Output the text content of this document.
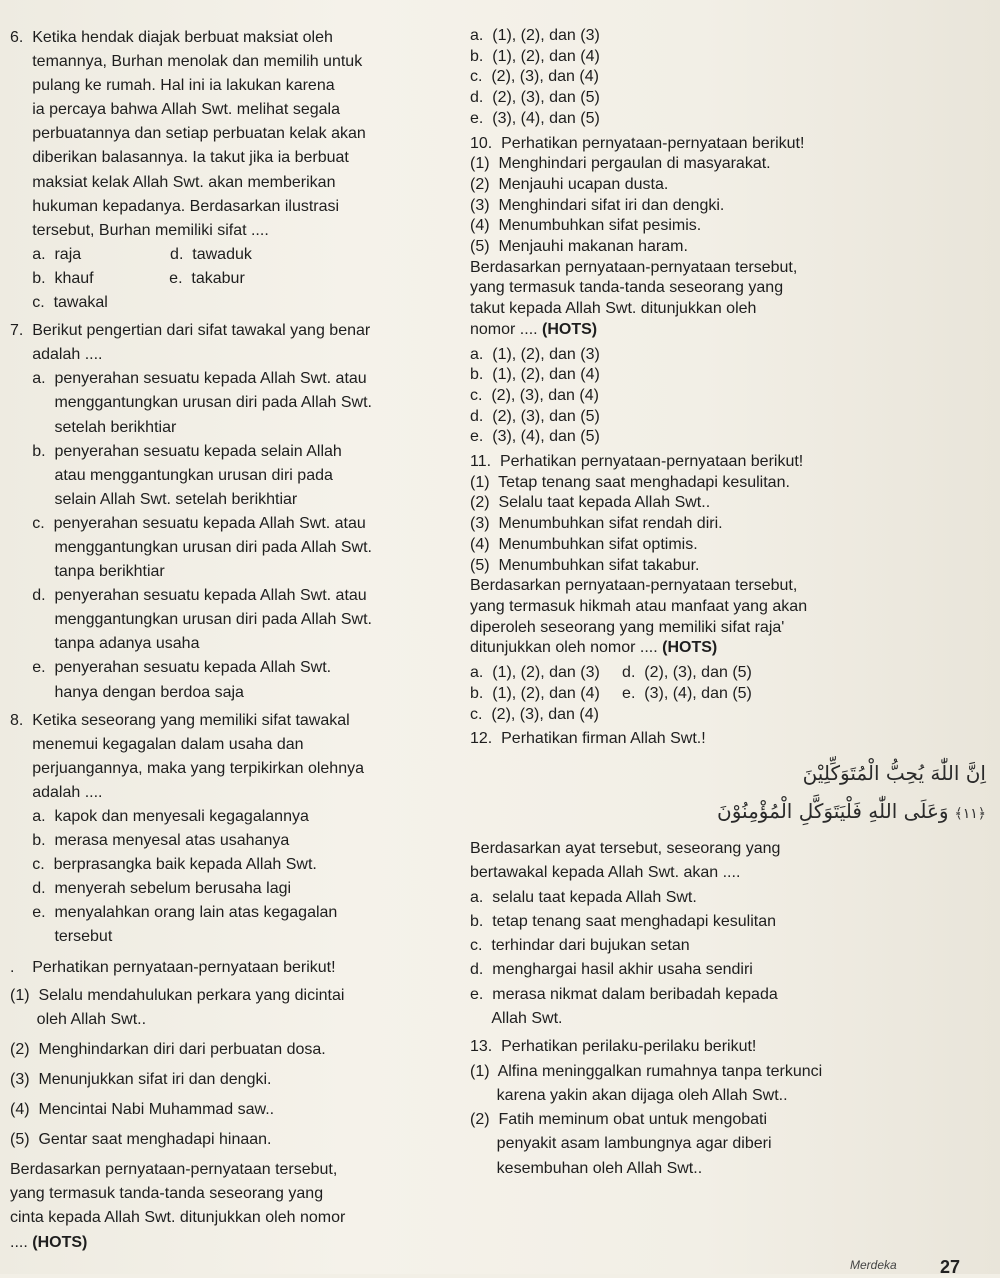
6.  Ketika hendak diajak berbuat maksiat oleh
temannya, Burhan menolak dan memilih untuk
pulang ke rumah. Hal ini ia lakukan karena
ia percaya bahwa Allah Swt. melihat segala
perbuatannya dan setiap perbuatan kelak akan
diberikan balasannya. Ia takut jika ia berbuat
maksiat kelak Allah Swt. akan memberikan
hukuman kepadanya. Berdasarkan ilustrasi
tersebut, Burhan memiliki sifat ....
a.  raja                    d.  tawaduk
b.  khauf                 e.  takabur
c.  tawakal
7.  Berikut pengertian dari sifat tawakal yang benar
adalah ....
a.  penyerahan sesuatu kepada Allah Swt. atau
menggantungkan urusan diri pada Allah Swt.
setelah berikhtiar
b.  penyerahan sesuatu kepada selain Allah
atau menggantungkan urusan diri pada
selain Allah Swt. setelah berikhtiar
c.  penyerahan sesuatu kepada Allah Swt. atau
menggantungkan urusan diri pada Allah Swt.
tanpa berikhtiar
d.  penyerahan sesuatu kepada Allah Swt. atau
menggantungkan urusan diri pada Allah Swt.
tanpa adanya usaha
e.  penyerahan sesuatu kepada Allah Swt.
hanya dengan berdoa saja
8.  Ketika seseorang yang memiliki sifat tawakal
menemui kegagalan dalam usaha dan
perjuangannya, maka yang terpikirkan olehnya
adalah ....
a.  kapok dan menyesali kegagalannya
b.  merasa menyesal atas usahanya
c.  berprasangka baik kepada Allah Swt.
d.  menyerah sebelum berusaha lagi
e.  menyalahkan orang lain atas kegagalan
tersebut
.    Perhatikan pernyataan-pernyataan berikut!
(1)  Selalu mendahulukan perkara yang dicintai
oleh Allah Swt..
(2)  Menghindarkan diri dari perbuatan dosa.
(3)  Menunjukkan sifat iri dan dengki.
(4)  Mencintai Nabi Muhammad saw..
(5)  Gentar saat menghadapi hinaan.
Berdasarkan pernyataan-pernyataan tersebut,
yang termasuk tanda-tanda seseorang yang
cinta kepada Allah Swt. ditunjukkan oleh nomor
.... (HOTS)
a.  (1), (2), dan (3)
b.  (1), (2), dan (4)
c.  (2), (3), dan (4)
d.  (2), (3), dan (5)
e.  (3), (4), dan (5)
10.  Perhatikan pernyataan-pernyataan berikut!
(1)  Menghindari pergaulan di masyarakat.
(2)  Menjauhi ucapan dusta.
(3)  Menghindari sifat iri dan dengki.
(4)  Menumbuhkan sifat pesimis.
(5)  Menjauhi makanan haram.
Berdasarkan pernyataan-pernyataan tersebut,
yang termasuk tanda-tanda seseorang yang
takut kepada Allah Swt. ditunjukkan oleh
nomor .... (HOTS)
a.  (1), (2), dan (3)
b.  (1), (2), dan (4)
c.  (2), (3), dan (4)
d.  (2), (3), dan (5)
e.  (3), (4), dan (5)
11.  Perhatikan pernyataan-pernyataan berikut!
(1)  Tetap tenang saat menghadapi kesulitan.
(2)  Selalu taat kepada Allah Swt..
(3)  Menumbuhkan sifat rendah diri.
(4)  Menumbuhkan sifat optimis.
(5)  Menumbuhkan sifat takabur.
Berdasarkan pernyataan-pernyataan tersebut,
yang termasuk hikmah atau manfaat yang akan
diperoleh seseorang yang memiliki sifat raja'
ditunjukkan oleh nomor .... (HOTS)
a.  (1), (2), dan (3)     d.  (2), (3), dan (5)
b.  (1), (2), dan (4)     e.  (3), (4), dan (5)
c.  (2), (3), dan (4)
12.  Perhatikan firman Allah Swt.!
اِنَّ اللّٰهَ يُحِبُّ الْمُتَوَكِّلِيْنَ
﴿١١﴾وَعَلَى اللّٰهِ فَلْيَتَوَكَّلِ الْمُؤْمِنُوْنَ
Berdasarkan ayat tersebut, seseorang yang
bertawakal kepada Allah Swt. akan ....
a.  selalu taat kepada Allah Swt.
b.  tetap tenang saat menghadapi kesulitan
c.  terhindar dari bujukan setan
d.  menghargai hasil akhir usaha sendiri
e.  merasa nikmat dalam beribadah kepada
Allah Swt.
13.  Perhatikan perilaku-perilaku berikut!
(1)  Alfina meninggalkan rumahnya tanpa terkunci
karena yakin akan dijaga oleh Allah Swt..
(2)  Fatih meminum obat untuk mengobati
penyakit asam lambungnya agar diberi
kesembuhan oleh Allah Swt..
Merdeka 27
